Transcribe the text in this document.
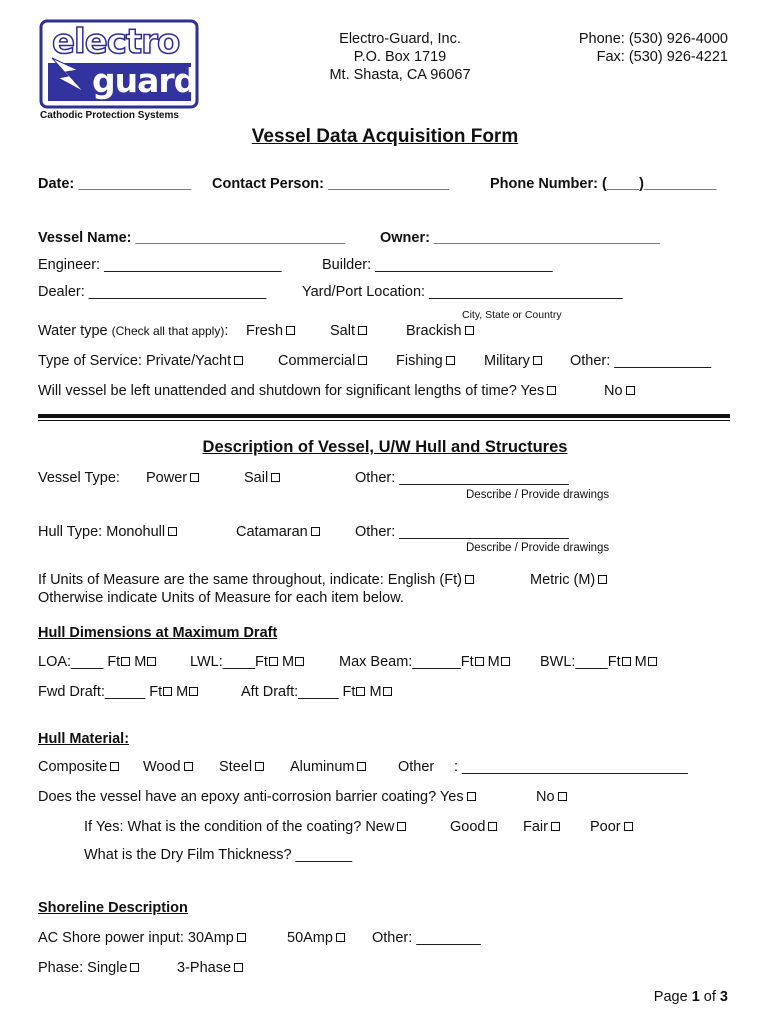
electro
guard
Cathodic Protection Systems
Electro-Guard, Inc.
P.O. Box 1719
Mt. Shasta, CA 96067
Phone: (530) 926-4000
Fax: (530) 926-4221
Vessel Data Acquisition Form
Date: ______________ Contact Person: _______________	Phone Number: (____)_________
Vessel Name: __________________________ Owner: ____________________________
Engineer: ______________________	Builder: ______________________
Dealer: ______________________ Yard/Port Location: ________________________
City, State or Country
Water type (Check all that apply): Fresh	Salt	Brackish
Type of Service: Private/Yacht	Commercial	Fishing	Military	Other: ____________
Will vessel be left unattended and shutdown for significant lengths of time? Yes	No
Description of Vessel, U/W Hull and Structures
Vessel Type: Power	Sail	Other: _____________________
Describe / Provide drawings
Hull Type: Monohull	Catamaran	Other: _____________________
Describe / Provide drawings
If Units of Measure are the same throughout, indicate: English (Ft)	Metric (M)
Otherwise indicate Units of Measure for each item below.
Hull Dimensions at Maximum Draft
LOA:____ Ft M	LWL:____Ft M	Max Beam:______Ft M	BWL:____Ft M
Fwd Draft:_____ Ft M	Aft Draft:_____ Ft M
Hull Material:
Composite	Wood	Steel	Aluminum	Other : ____________________________
Does the vessel have an epoxy anti-corrosion barrier coating? Yes	No
If Yes: What is the condition of the coating? New	Good	Fair	Poor
What is the Dry Film Thickness? _______
Shoreline Description
AC Shore power input: 30Amp	50Amp	Other: ________
Phase: Single	3-Phase
Page 1 of 3
